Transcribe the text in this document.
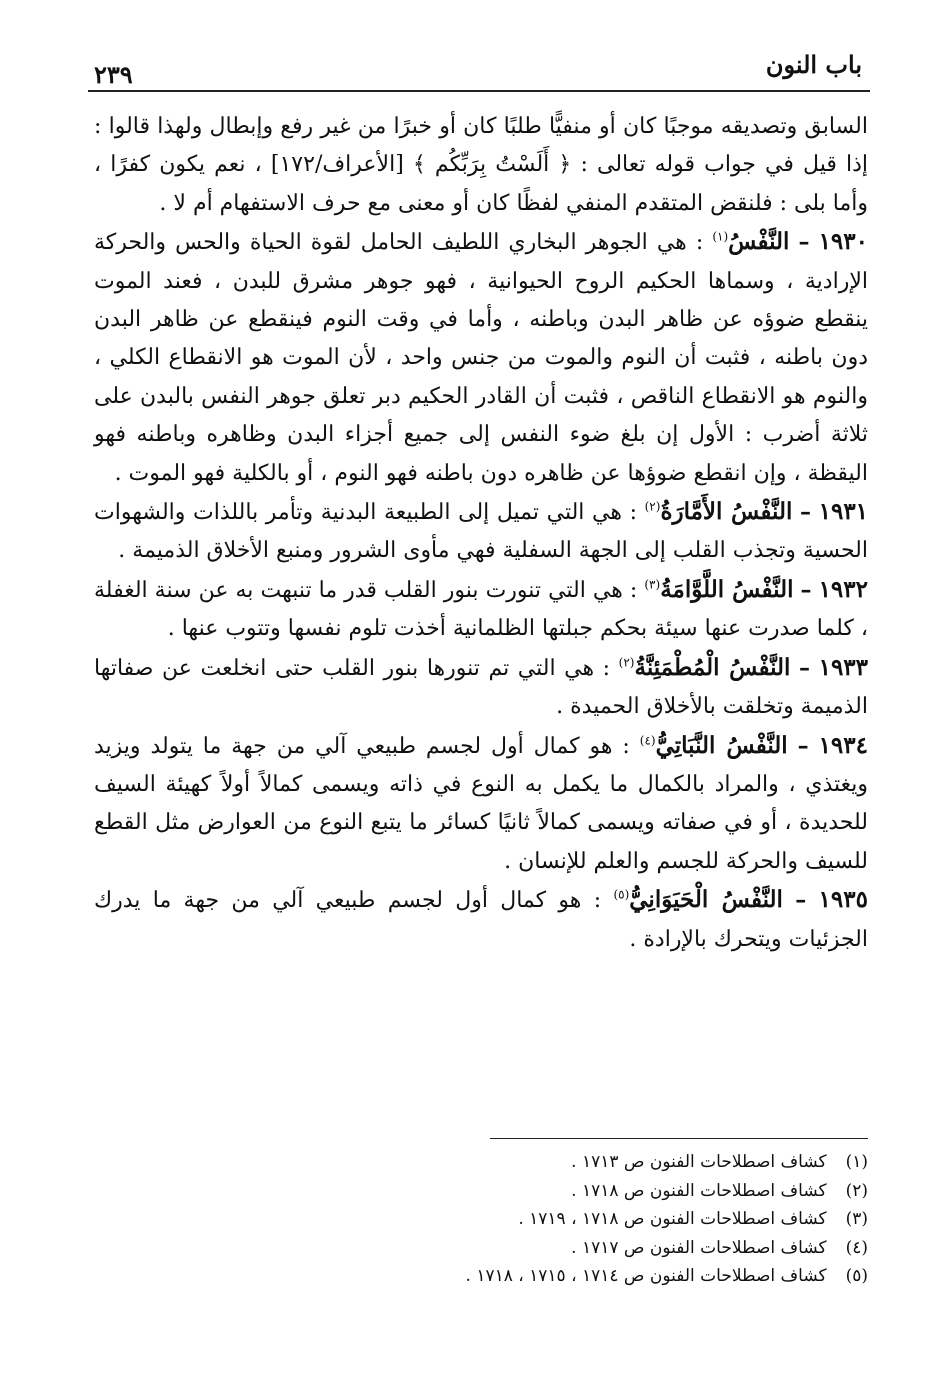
باب النون
٢٣٩

السابق وتصديقه موجبًا كان أو منفيًّا طلبًا كان أو خبرًا من غير رفع وإبطال ولهذا قالوا : إذا قيل في جواب قوله تعالى : ﴿ أَلَسْتُ بِرَبِّكُم ﴾ [الأعراف/١٧٢] ، نعم يكون كفرًا ، وأما بلى : فلنقض المتقدم المنفي لفظًا كان أو معنى مع حرف الاستفهام أم لا .

١٩٣٠ – النَّفْسُ$^{(١)}$ : هي الجوهر البخاري اللطيف الحامل لقوة الحياة والحس والحركة الإرادية ، وسماها الحكيم الروح الحيوانية ، فهو جوهر مشرق للبدن ، فعند الموت ينقطع ضوؤه عن ظاهر البدن وباطنه ، وأما في وقت النوم فينقطع عن ظاهر البدن دون باطنه ، فثبت أن النوم والموت من جنس واحد ، لأن الموت هو الانقطاع الكلي ، والنوم هو الانقطاع الناقص ، فثبت أن القادر الحكيم دبر تعلق جوهر النفس بالبدن على ثلاثة أضرب : الأول إن بلغ ضوء النفس إلى جميع أجزاء البدن وظاهره وباطنه فهو اليقظة ، وإن انقطع ضوؤها عن ظاهره دون باطنه فهو النوم ، أو بالكلية فهو الموت .

١٩٣١ – النَّفْسُ الأَمَّارَةُ$^{(٢)}$ : هي التي تميل إلى الطبيعة البدنية وتأمر باللذات والشهوات الحسية وتجذب القلب إلى الجهة السفلية فهي مأوى الشرور ومنبع الأخلاق الذميمة .

١٩٣٢ – النَّفْسُ اللَّوَّامَةُ$^{(٣)}$ : هي التي تنورت بنور القلب قدر ما تنبهت به عن سنة الغفلة ، كلما صدرت عنها سيئة بحكم جبلتها الظلمانية أخذت تلوم نفسها وتتوب عنها .

١٩٣٣ – النَّفْسُ الْمُطْمَئِنَّةُ$^{(٢)}$ : هي التي تم تنورها بنور القلب حتى انخلعت عن صفاتها الذميمة وتخلقت بالأخلاق الحميدة .

١٩٣٤ – النَّفْسُ النَّبَاتِيُّ$^{(٤)}$ : هو كمال أول لجسم طبيعي آلي من جهة ما يتولد ويزيد ويغتذي ، والمراد بالكمال ما يكمل به النوع في ذاته ويسمى كمالاً أولاً كهيئة السيف للحديدة ، أو في صفاته ويسمى كمالاً ثانيًا كسائر ما يتبع النوع من العوارض مثل القطع للسيف والحركة للجسم والعلم للإنسان .

١٩٣٥ – النَّفْسُ الْحَيَوَانِيُّ$^{(٥)}$ : هو كمال أول لجسم طبيعي آلي من جهة ما يدرك الجزئيات ويتحرك بالإرادة .

(١) كشاف اصطلاحات الفنون ص ١٧١٣ .
(٢) كشاف اصطلاحات الفنون ص ١٧١٨ .
(٣) كشاف اصطلاحات الفنون ص ١٧١٨ ، ١٧١٩ .
(٤) كشاف اصطلاحات الفنون ص ١٧١٧ .
(٥) كشاف اصطلاحات الفنون ص ١٧١٤ ، ١٧١٥ ، ١٧١٨ .
